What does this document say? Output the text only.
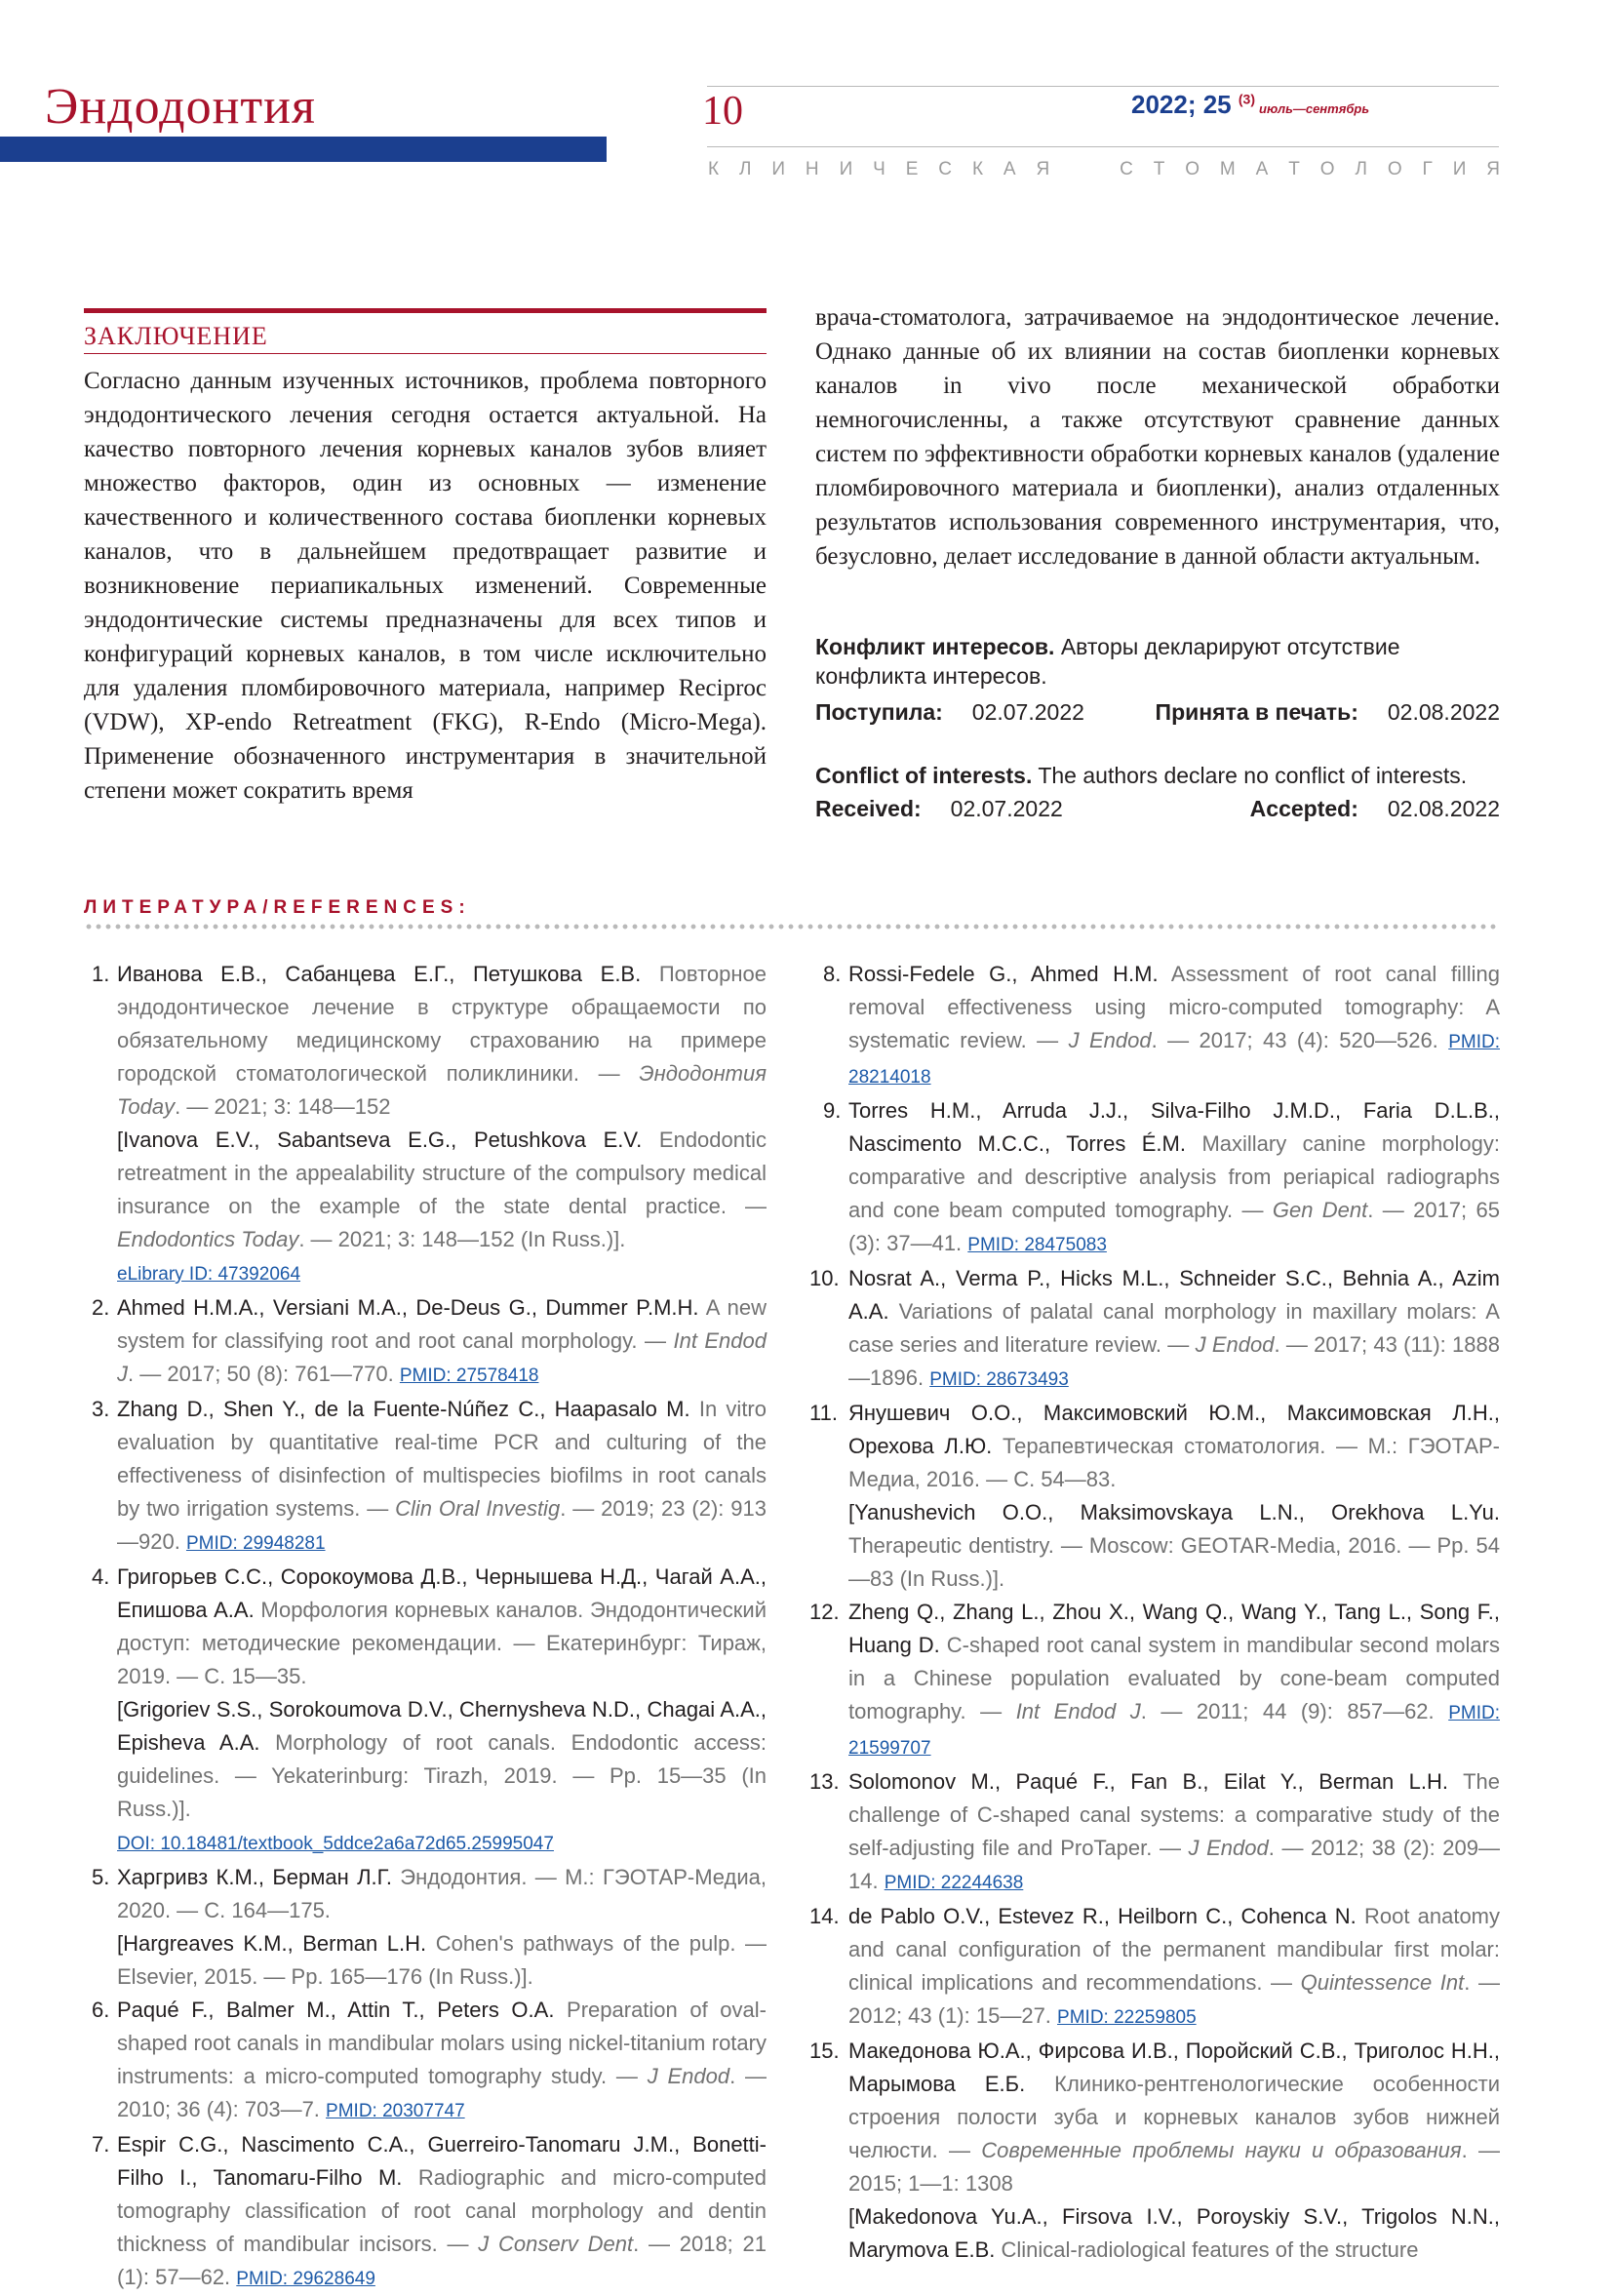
Эндодонтия	10	2022; 25 $^{(3)}$июль—сентябрь
К Л И Н И Ч Е С К А Я	С Т О М А Т О Л О Г И Я
ЗАКЛЮЧЕНИЕ
Согласно данным изученных источников, проблема повторного эндодонтического лечения сегодня остается актуальной. На качество повторного лечения корневых каналов зубов влияет множество факторов, один из основных — изменение качественного и количественного состава биопленки корневых каналов, что в дальнейшем предотвращает развитие и возникновение периапикальных изменений. Современные эндодонтические системы предназначены для всех типов и конфигураций корневых каналов, в том числе исключительно для удаления пломбировочного материала, например Reciproc (VDW), XP-endo Retreatment (FKG), R-Endo (Micro-Mega). Применение обозначенного инструментария в значительной степени может сократить время
врача-стоматолога, затрачиваемое на эндодонтическое лечение. Однако данные об их влиянии на состав биопленки корневых каналов in vivo после механической обработки немногочисленны, а также отсутствуют сравнение данных систем по эффективности обработки корневых каналов (удаление пломбировочного материала и биопленки), анализ отдаленных результатов использования современного инструментария, что, безусловно, делает исследование в данной области актуальным.
Конфликт интересов. Авторы декларируют отсутствие конфликта интересов.
Поступила: 02.07.2022	Принята в печать: 02.08.2022
Conflict of interests. The authors declare no conflict of interests.
Received: 02.07.2022	Accepted: 02.08.2022
ЛИТЕРАТУРА/REFERENCES:
1. Иванова Е.В., Сабанцева Е.Г., Петушкова Е.В. Повторное эндодонтическое лечение в структуре обращаемости по обязательному медицинскому страхованию на примере городской стоматологической поликлиники. — Эндодонтия Today. — 2021; 3: 148—152
[Ivanova E.V., Sabantseva E.G., Petushkova E.V. Endodontic retreatment in the appealability structure of the compulsory medical insurance on the example of the state dental practice. — Endodontics Today. — 2021; 3: 148—152 (In Russ.)].
eLibrary ID: 47392064
2. Ahmed H.M.A., Versiani M.A., De-Deus G., Dummer P.M.H. A new system for classifying root and root canal morphology. — Int Endod J. — 2017; 50 (8): 761—770. PMID: 27578418
3. Zhang D., Shen Y., de la Fuente-Núñez C., Haapasalo M. In vitro evaluation by quantitative real-time PCR and culturing of the effectiveness of disinfection of multispecies biofilms in root canals by two irrigation systems. — Clin Oral Investig. — 2019; 23 (2): 913—920. PMID: 29948281
4. Григорьев С.С., Сорокоумова Д.В., Чернышева Н.Д., Чагай А.А., Епишова А.А. Морфология корневых каналов. Эндодонтический доступ: методические рекомендации. — Екатеринбург: Тираж, 2019. — С. 15—35.
[Grigoriev S.S., Sorokoumova D.V., Chernysheva N.D., Chagai A.A., Episheva A.A. Morphology of root canals. Endodontic access: guidelines. — Yekaterinburg: Tirazh, 2019. — Pp. 15—35 (In Russ.)].
DOI: 10.18481/textbook_5ddce2a6a72d65.25995047
5. Харгривз К.М., Берман Л.Г. Эндодонтия. — М.: ГЭОТАР-Медиа, 2020. — С. 164—175.
[Hargreaves K.M., Berman L.H. Cohen's pathways of the pulp. — Elsevier, 2015. — Pp. 165—176 (In Russ.)].
6. Paqué F., Balmer M., Attin T., Peters O.A. Preparation of oval-shaped root canals in mandibular molars using nickel-titanium rotary instruments: a micro-computed tomography study. — J Endod. — 2010; 36 (4): 703—7. PMID: 20307747
7. Espir C.G., Nascimento C.A., Guerreiro-Tanomaru J.M., Bonetti-Filho I., Tanomaru-Filho M. Radiographic and micro-computed tomography classification of root canal morphology and dentin thickness of mandibular incisors. — J Conserv Dent. — 2018; 21 (1): 57—62. PMID: 29628649
8. Rossi-Fedele G., Ahmed H.M. Assessment of root canal filling removal effectiveness using micro-computed tomography: A systematic review. — J Endod. — 2017; 43 (4): 520—526. PMID: 28214018
9. Torres H.M., Arruda J.J., Silva-Filho J.M.D., Faria D.L.B., Nascimento M.C.C., Torres É.M. Maxillary canine morphology: comparative and descriptive analysis from periapical radiographs and cone beam computed tomography. — Gen Dent. — 2017; 65 (3): 37—41. PMID: 28475083
10. Nosrat A., Verma P., Hicks M.L., Schneider S.C., Behnia A., Azim A.A. Variations of palatal canal morphology in maxillary molars: A case series and literature review. — J Endod. — 2017; 43 (11): 1888—1896. PMID: 28673493
11. Янушевич О.О., Максимовский Ю.М., Максимовская Л.Н., Орехова Л.Ю. Терапевтическая стоматология. — М.: ГЭОТАР-Медиа, 2016. — С. 54—83.
[Yanushevich O.O., Maksimovskaya L.N., Orekhova L.Yu. Therapeutic dentistry. — Moscow: GEOTAR-Media, 2016. — Pp. 54—83 (In Russ.)].
12. Zheng Q., Zhang L., Zhou X., Wang Q., Wang Y., Tang L., Song F., Huang D. C-shaped root canal system in mandibular second molars in a Chinese population evaluated by cone-beam computed tomography. — Int Endod J. — 2011; 44 (9): 857—62. PMID: 21599707
13. Solomonov M., Paqué F., Fan B., Eilat Y., Berman L.H. The challenge of C-shaped canal systems: a comparative study of the self-adjusting file and ProTaper. — J Endod. — 2012; 38 (2): 209—14. PMID: 22244638
14. de Pablo O.V., Estevez R., Heilborn C., Cohenca N. Root anatomy and canal configuration of the permanent mandibular first molar: clinical implications and recommendations. — Quintessence Int. — 2012; 43 (1): 15—27. PMID: 22259805
15. Македонова Ю.А., Фирсова И.В., Поройский С.В., Триголос Н.Н., Марымова Е.Б. Клинико-рентгенологические особенности строения полости зуба и корневых каналов зубов нижней челюсти. — Современные проблемы науки и образования. — 2015; 1—1: 1308
[Makedonova Yu.A., Firsova I.V., Poroyskiy S.V., Trigolos N.N., Marymova E.B. Clinical-radiological features of the structure
